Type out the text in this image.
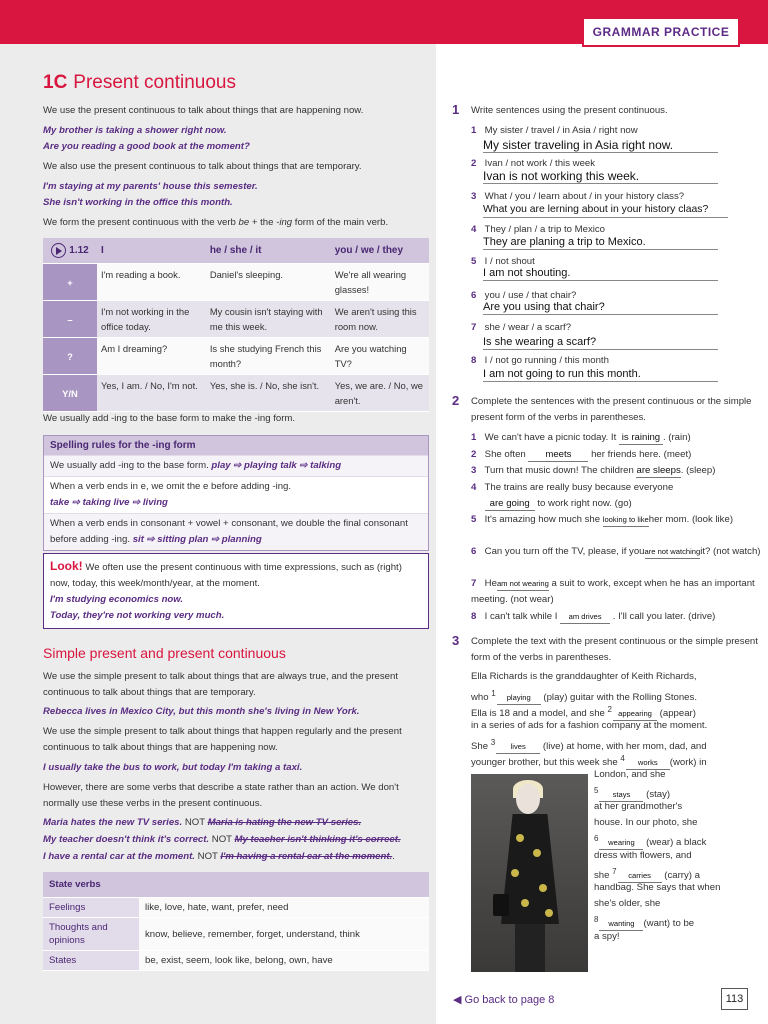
GRAMMAR PRACTICE
1C Present continuous
We use the present continuous to talk about things that are happening now.
My brother is taking a shower right now.
Are you reading a good book at the moment?
We also use the present continuous to talk about things that are temporary.
I'm staying at my parents' house this semester.
She isn't working in the office this month.
We form the present continuous with the verb be + the -ing form of the main verb.
1.12	I	he / she / it	you / we / they
+	I'm reading a book.	Daniel's sleeping.	We're all wearing glasses!
–	I'm not working in the office today.	My cousin isn't staying with me this week.	We aren't using this room now.
?	Am I dreaming?	Is she studying French this month?	Are you watching TV?
Y/N	Yes, I am. / No, I'm not.	Yes, she is. / No, she isn't.	Yes, we are. / No, we aren't.
We usually add -ing to the base form to make the -ing form.
Spelling rules for the -ing form
We usually add -ing to the base form. play ⇨ playing talk ⇨ talking
When a verb ends in e, we omit the e before adding -ing.
take ⇨ taking live ⇨ living
When a verb ends in consonant + vowel + consonant, we double the final consonant before adding -ing. sit ⇨ sitting plan ⇨ planning
Look! We often use the present continuous with time expressions, such as (right) now, today, this week/month/year, at the moment.
I'm studying economics now.
Today, they're not working very much.
Simple present and present continuous
We use the simple present to talk about things that are always true, and the present continuous to talk about things that are temporary.
Rebecca lives in Mexico City, but this month she's living in New York.
We use the simple present to talk about things that happen regularly and the present continuous to talk about things that are happening now.
I usually take the bus to work, but today I'm taking a taxi.
However, there are some verbs that describe a state rather than an action. We don't normally use these verbs in the present continuous.
Maria hates the new TV series. NOT Maria is hating the new TV series.
My teacher doesn't think it's correct. NOT My teacher isn't thinking it's correct.
I have a rental car at the moment. NOT I'm having a rental car at the moment..
State verbs	
Feelings	like, love, hate, want, prefer, need
Thoughts and opinions	know, believe, remember, forget, understand, think
States	be, exist, seem, look like, belong, own, have
1 Write sentences using the present continuous.
1 My sister / travel / in Asia / right now
My sister traveling in Asia right now.
2 Ivan / not work / this week
Ivan is not working this week.
3 What / you / learn about / in your history class?
What you are lerning about in your history claas?
4 They / plan / a trip to Mexico
They are planing a trip to Mexico.
5 I / not shout
I am not shouting.
6 you / use / that chair?
Are you using that chair?
7 she / wear / a scarf?
Is she wearing a scarf?
8 I / not go running / this month
I am not going to run this month.
2 Complete the sentences with the present continuous or the simple present form of the verbs in parentheses.
1 We can't have a picnic today. It is raining . (rain)
2 She often meets her friends here. (meet)
3 Turn that music down! The children are sleeps. (sleep)
4 The trains are really busy because everyone
are going to work right now. (go)
5 It's amazing how much she looking to likeher mom. (look like)
6 Can you turn off the TV, please, if youare not watchingit? (not watch)
7 Heam not wearing a suit to work, except when he has an important meeting. (not wear)
8 I can't talk while I am drives . I'll call you later. (drive)
3 Complete the text with the present continuous or the simple present form of the verbs in parentheses.
Ella Richards is the granddaughter of Keith Richards,
who $^1$ playing (play) guitar with the Rolling Stones.
Ella is 18 and a model, and she $^2$ appearing (appear)
in a series of ads for a fashion company at the moment.
She $^3$ lives (live) at home, with her mom, dad, and
younger brother, but this week she $^4$ works (work) in
London, and she
$^5$ stays (stay)
at her grandmother's
house. In our photo, she
$^6$ wearing (wear) a black
dress with flowers, and
she $^7$ carries (carry) a
handbag. She says that when
she's older, she
$^8$ wanting (want) to be
a spy!
◀ Go back to page 8	113
